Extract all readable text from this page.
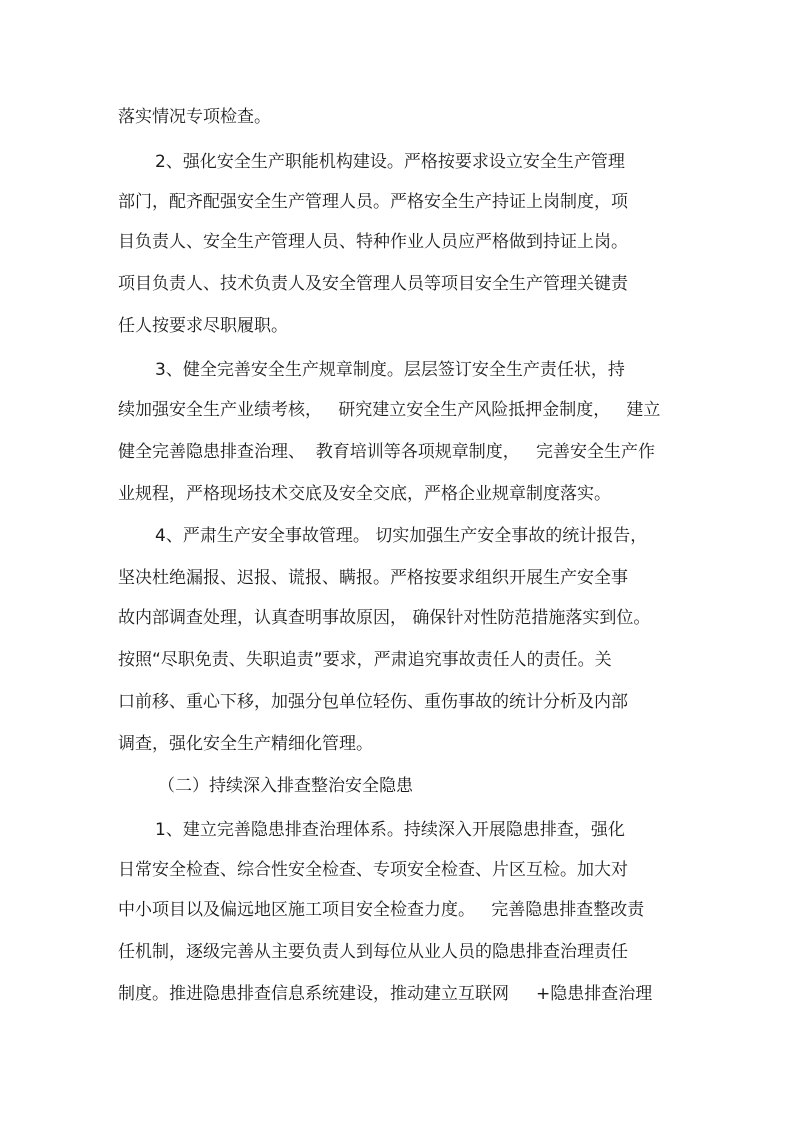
落实情况专项检查。
2、强化安全生产职能机构建设。严格按要求设立安全生产管理
部门，配齐配强安全生产管理人员。严格安全生产持证上岗制度，项
目负责人、安全生产管理人员、特种作业人员应严格做到持证上岗。
项目负责人、技术负责人及安全管理人员等项目安全生产管理关键责
任人按要求尽职履职。
3、健全完善安全生产规章制度。层层签订安全生产责任状，持
续加强安全生产业绩考核，   研究建立安全生产风险抵押金制度，   建立
健全完善隐患排查治理、  教育培训等各项规章制度，   完善安全生产作
业规程，严格现场技术交底及安全交底，严格企业规章制度落实。
4、严肃生产安全事故管理。 切实加强生产安全事故的统计报告，
坚决杜绝漏报、迟报、谎报、瞒报。严格按要求组织开展生产安全事
故内部调查处理，认真查明事故原因， 确保针对性防范措施落实到位。
按照“尽职免责、失职追责”要求，严肃追究事故责任人的责任。关
口前移、重心下移，加强分包单位轻伤、重伤事故的统计分析及内部
调查，强化安全生产精细化管理。
（二）持续深入排查整治安全隐患
1、建立完善隐患排查治理体系。持续深入开展隐患排查，强化
日常安全检查、综合性安全检查、专项安全检查、片区互检。加大对
中小项目以及偏远地区施工项目安全检查力度。   完善隐患排查整改责
任机制，逐级完善从主要负责人到每位从业人员的隐患排查治理责任
制度。推进隐患排查信息系统建设，推动建立互联网     +隐患排查治理
